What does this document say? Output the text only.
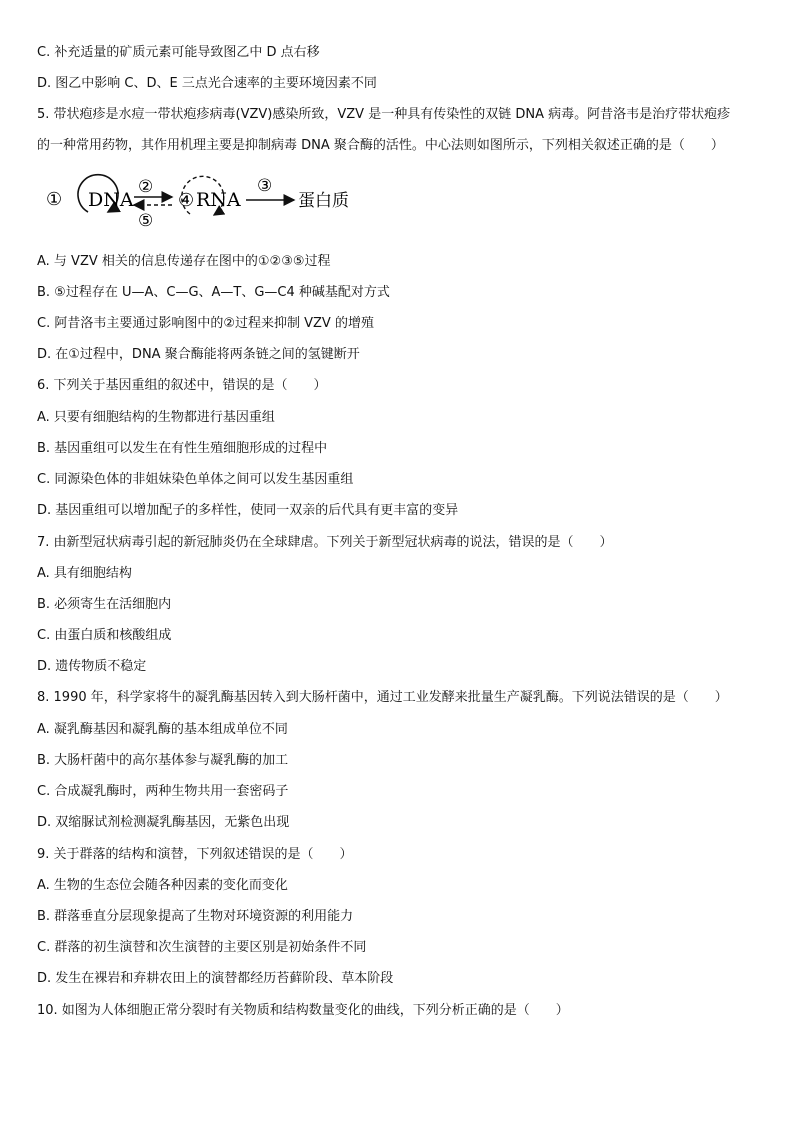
C. 补充适量的矿质元素可能导致图乙中 D 点右移
D. 图乙中影响 C、D、E 三点光合速率的主要环境因素不同
5. 带状疱疹是水痘一带状疱疹病毒(VZV)感染所致，VZV 是一种具有传染性的双链 DNA 病毒。阿昔洛韦是治疗带状疱疹
的一种常用药物，其作用机理主要是抑制病毒 DNA 聚合酶的活性。中心法则如图所示，下列相关叙述正确的是（　　）
① DNA
②
⑤
④ RNA
③
蛋白质
A. 与 VZV 相关的信息传递存在图中的①②③⑤过程
B. ⑤过程存在 U—A、C—G、A—T、G—C4 种碱基配对方式
C. 阿昔洛韦主要通过影响图中的②过程来抑制 VZV 的增殖
D. 在①过程中，DNA 聚合酶能将两条链之间的氢键断开
6. 下列关于基因重组的叙述中，错误的是（　　）
A. 只要有细胞结构的生物都进行基因重组
B. 基因重组可以发生在有性生殖细胞形成的过程中
C. 同源染色体的非姐妹染色单体之间可以发生基因重组
D. 基因重组可以增加配子的多样性，使同一双亲的后代具有更丰富的变异
7. 由新型冠状病毒引起的新冠肺炎仍在全球肆虐。下列关于新型冠状病毒的说法，错误的是（　　）
A. 具有细胞结构
B. 必须寄生在活细胞内
C. 由蛋白质和核酸组成
D. 遗传物质不稳定
8. 1990 年，科学家将牛的凝乳酶基因转入到大肠杆菌中，通过工业发酵来批量生产凝乳酶。下列说法错误的是（　　）
A. 凝乳酶基因和凝乳酶的基本组成单位不同
B. 大肠杆菌中的高尔基体参与凝乳酶的加工
C. 合成凝乳酶时，两种生物共用一套密码子
D. 双缩脲试剂检测凝乳酶基因，无紫色出现
9. 关于群落的结构和演替，下列叙述错误的是（　　）
A. 生物的生态位会随各种因素的变化而变化
B. 群落垂直分层现象提高了生物对环境资源的利用能力
C. 群落的初生演替和次生演替的主要区别是初始条件不同
D. 发生在裸岩和弃耕农田上的演替都经历苔藓阶段、草本阶段
10. 如图为人体细胞正常分裂时有关物质和结构数量变化的曲线，下列分析正确的是（　　）
